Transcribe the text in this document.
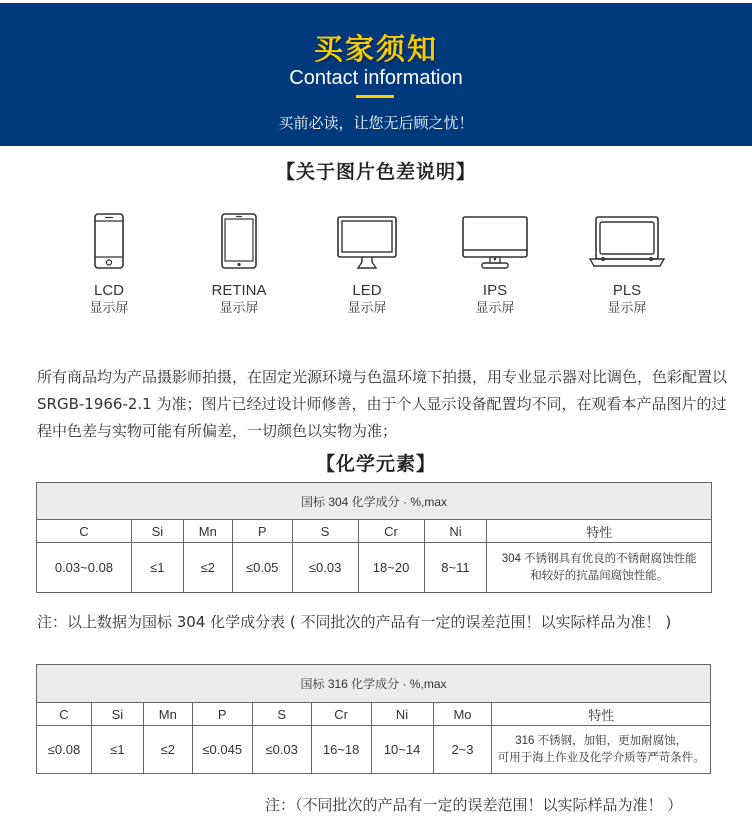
买家须知
Contact information
买前必读，让您无后顾之忧！
【关于图片色差说明】
LCD
显示屏
RETINA
显示屏
LED
显示屏
IPS
显示屏
PLS
显示屏
所有商品均为产品摄影师拍摄，在固定光源环境与色温环境下拍摄，用专业显示器对比调色，色彩配置以 SRGB-1966-2.1 为准；图片已经过设计师修善，由于个人显示设备配置均不同，在观看本产品图片的过程中色差与实物可能有所偏差，一切颜色以实物为准；
【化学元素】
国标 304 化学成分 · %,max							
C	Si	Mn	P	S	Cr	Ni	特性
0.03~0.08	≤1	≤2	≤0.05	≤0.03	18~20	8~11	304 不锈钢具有优良的不锈耐腐蚀性能
和较好的抗晶间腐蚀性能。
注：以上数据为国标 304 化学成分表 ( 不同批次的产品有一定的误差范围！以实际样品为准！ )
国标 316 化学成分 · %,max								
C	Si	Mn	P	S	Cr	Ni	Mo	特性
≤0.08	≤1	≤2	≤0.045	≤0.03	16~18	10~14	2~3	316 不锈钢，加钼，更加耐腐蚀，
可用于海上作业及化学介质等严苛条件。
注：（不同批次的产品有一定的误差范围！以实际样品为准！ ）
